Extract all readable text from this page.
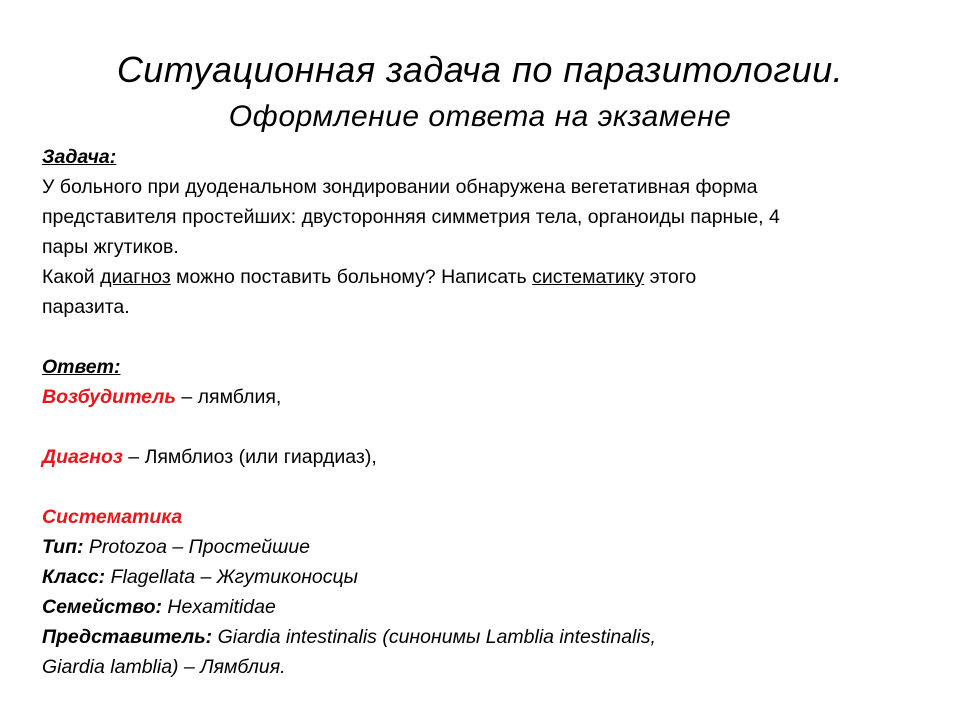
Ситуационная задача по паразитологии.
Оформление ответа на экзамене
Задача:
У больного при дуоденальном зондировании обнаружена вегетативная форма
представителя простейших: двусторонняя симметрия тела, органоиды парные, 4
пары жгутиков.
Какой диагноз можно поставить больному? Написать систематику этого
паразита.
Ответ:
Возбудитель – лямблия,
Диагноз – Лямблиоз (или гиардиаз),
Систематика
Тип: Protozoa – Простейшие
Класс: Flagellata – Жгутиконосцы
Семейство: Hexamitidae
Представитель: Giardia intestinalis (синонимы Lamblia intestinalis,
Giardia lamblia) – Лямблия.
